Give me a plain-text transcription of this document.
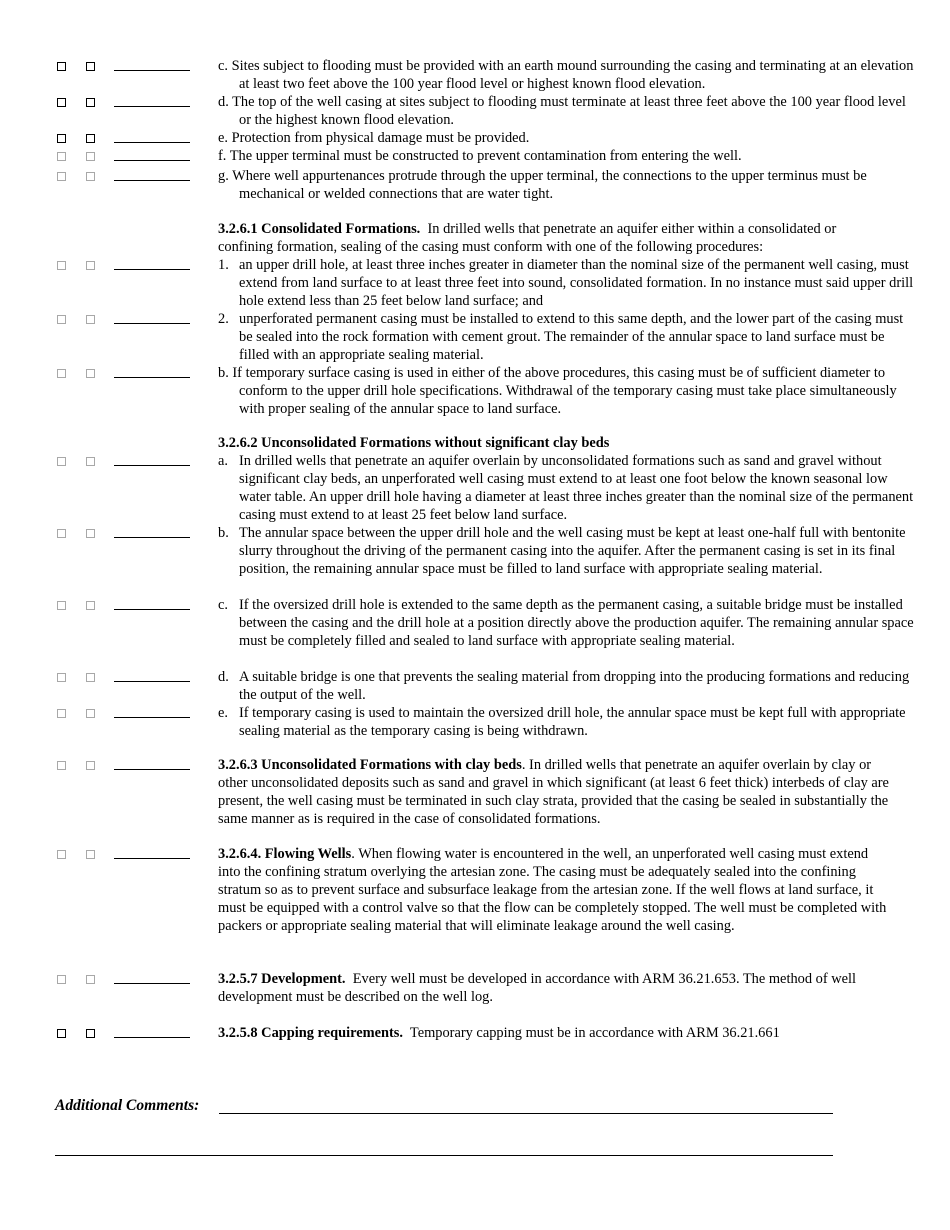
c. Sites subject to flooding must be provided with an earth mound surrounding the casing and terminating at an elevation at least two feet above the 100 year flood level or highest known flood elevation.
d. The top of the well casing at sites subject to flooding must terminate at least three feet above the 100 year flood level or the highest known flood elevation.
e. Protection from physical damage must be provided.
f. The upper terminal must be constructed to prevent contamination from entering the well.
g. Where well appurtenances protrude through the upper terminal, the connections to the upper terminus must be mechanical or welded connections that are water tight.
3.2.6.1 Consolidated Formations. In drilled wells that penetrate an aquifer either within a consolidated or confining formation, sealing of the casing must conform with one of the following procedures:
1. an upper drill hole, at least three inches greater in diameter than the nominal size of the permanent well casing, must extend from land surface to at least three feet into sound, consolidated formation. In no instance must said upper drill hole extend less than 25 feet below land surface; and
2. unperforated permanent casing must be installed to extend to this same depth, and the lower part of the casing must be sealed into the rock formation with cement grout. The remainder of the annular space to land surface must be filled with an appropriate sealing material.
b. If temporary surface casing is used in either of the above procedures, this casing must be of sufficient diameter to conform to the upper drill hole specifications. Withdrawal of the temporary casing must take place simultaneously with proper sealing of the annular space to land surface.
3.2.6.2 Unconsolidated Formations without significant clay beds
a. In drilled wells that penetrate an aquifer overlain by unconsolidated formations such as sand and gravel without significant clay beds, an unperforated well casing must extend to at least one foot below the known seasonal low water table. An upper drill hole having a diameter at least three inches greater than the nominal size of the permanent casing must extend to at least 25 feet below land surface.
b. The annular space between the upper drill hole and the well casing must be kept at least one-half full with bentonite slurry throughout the driving of the permanent casing into the aquifer. After the permanent casing is set in its final position, the remaining annular space must be filled to land surface with appropriate sealing material.
c. If the oversized drill hole is extended to the same depth as the permanent casing, a suitable bridge must be installed between the casing and the drill hole at a position directly above the production aquifer. The remaining annular space must be completely filled and sealed to land surface with appropriate sealing material.
d. A suitable bridge is one that prevents the sealing material from dropping into the producing formations and reducing the output of the well.
e. If temporary casing is used to maintain the oversized drill hole, the annular space must be kept full with appropriate sealing material as the temporary casing is being withdrawn.
3.2.6.3 Unconsolidated Formations with clay beds. In drilled wells that penetrate an aquifer overlain by clay or other unconsolidated deposits such as sand and gravel in which significant (at least 6 feet thick) interbeds of clay are present, the well casing must be terminated in such clay strata, provided that the casing be sealed in substantially the same manner as is required in the case of consolidated formations.
3.2.6.4. Flowing Wells. When flowing water is encountered in the well, an unperforated well casing must extend into the confining stratum overlying the artesian zone. The casing must be adequately sealed into the confining stratum so as to prevent surface and subsurface leakage from the artesian zone. If the well flows at land surface, it must be equipped with a control valve so that the flow can be completely stopped. The well must be completed with packers or appropriate sealing material that will eliminate leakage around the well casing.
3.2.5.7 Development. Every well must be developed in accordance with ARM 36.21.653. The method of well development must be described on the well log.
3.2.5.8 Capping requirements. Temporary capping must be in accordance with ARM 36.21.661
Additional Comments:
